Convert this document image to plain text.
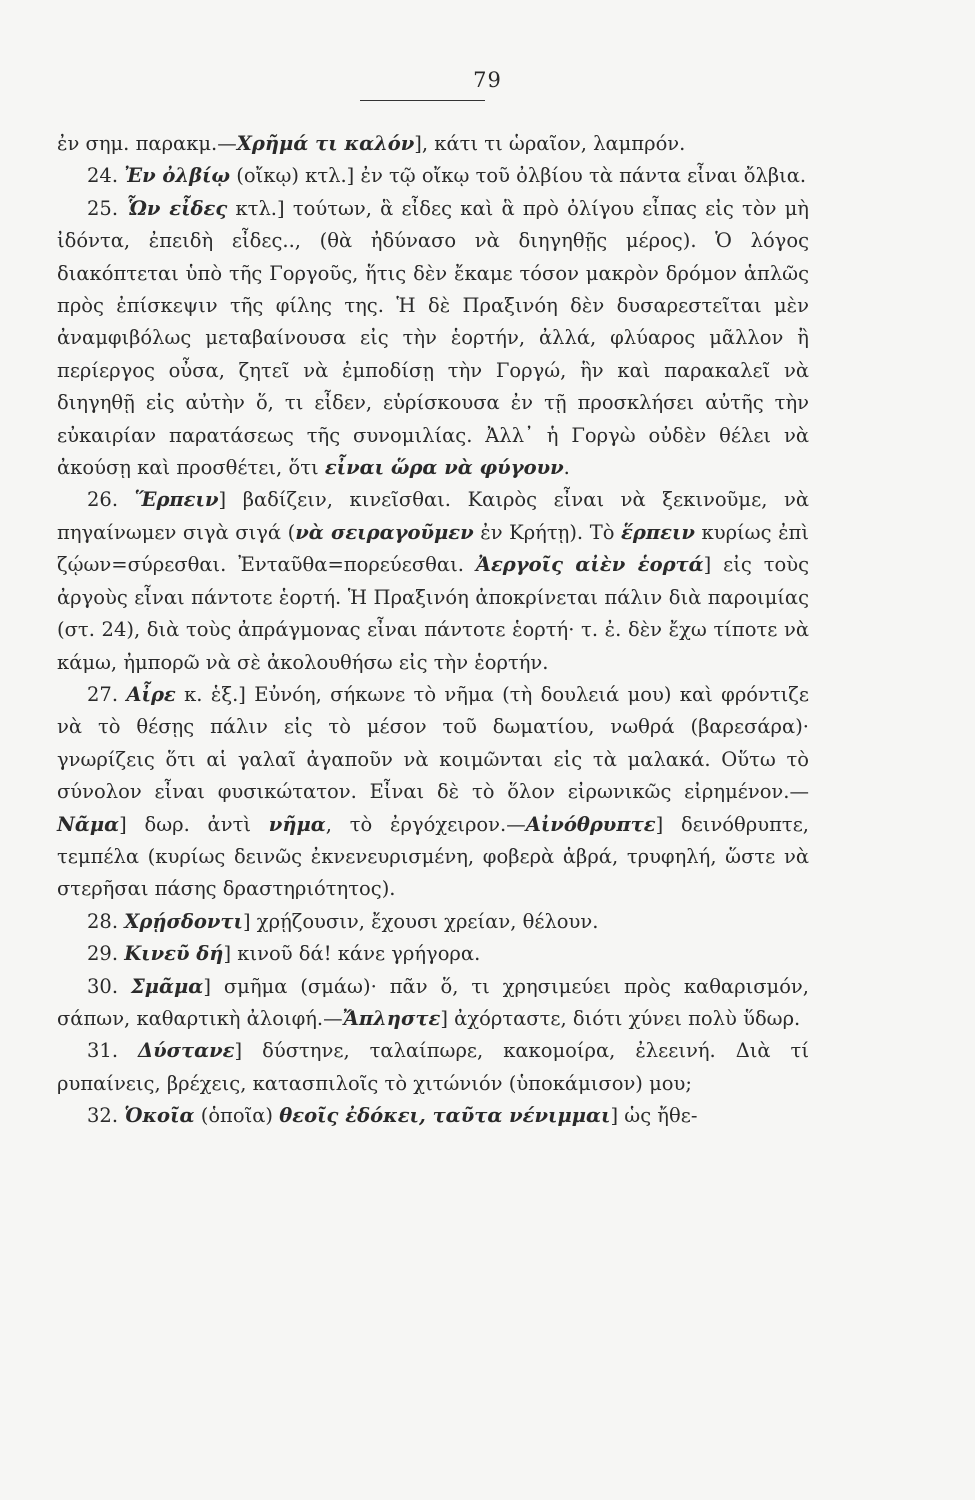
79

ἐν σημ. παρακμ.—Χρῆμά τι καλόν], κάτι τι ὡραῖον, λαμπρόν.

24. Ἐν ὀλβίῳ (οἴκῳ) κτλ.] ἐν τῷ οἴκῳ τοῦ ὀλβίου τὰ πάντα εἶναι ὄλβια.

25. Ὧν εἶδες κτλ.] τούτων, ἃ εἶδες καὶ ἃ πρὸ ὀλίγου εἶπας εἰς τὸν μὴ ἰδόντα, ἐπειδὴ εἶδες.., (θὰ ἠδύνασο νὰ διηγηθῇς μέρος). Ὁ λόγος διακόπτεται ὑπὸ τῆς Γοργοῦς, ἥτις δὲν ἔκαμε τόσον μακρὸν δρόμον ἁπλῶς πρὸς ἐπίσκεψιν τῆς φίλης της. Ἡ δὲ Πραξινόη δὲν δυσαρεστεῖται μὲν ἀναμφιβόλως μεταβαίνουσα εἰς τὴν ἑορτήν, ἀλλά, φλύαρος μᾶλλον ἢ περίεργος οὖσα, ζητεῖ νὰ ἐμποδίσῃ τὴν Γοργώ, ἣν καὶ παρακαλεῖ νὰ διηγηθῇ εἰς αὐτὴν ὅ, τι εἶδεν, εὑρίσκουσα ἐν τῇ προσκλήσει αὐτῆς τὴν εὐκαιρίαν παρατάσεως τῆς συνομιλίας. Ἀλλ᾽ ἡ Γοργὼ οὐδὲν θέλει νὰ ἀκούσῃ καὶ προσθέτει, ὅτι εἶναι ὥρα νὰ φύγουν.

26. Ἕρπειν] βαδίζειν, κινεῖσθαι. Καιρὸς εἶναι νὰ ξεκινοῦμε, νὰ πηγαίνωμεν σιγὰ σιγά (νὰ σειραγοῦμεν ἐν Κρήτῃ). Τὸ ἕρπειν κυρίως ἐπὶ ζῴων=σύρεσθαι. Ἐνταῦθα=πορεύεσθαι. Ἀεργοῖς αἰὲν ἑορτά] εἰς τοὺς ἀργοὺς εἶναι πάντοτε ἑορτή. Ἡ Πραξινόη ἀποκρίνεται πάλιν διὰ παροιμίας (στ. 24), διὰ τοὺς ἀπράγμονας εἶναι πάντοτε ἑορτή· τ. ἐ. δὲν ἔχω τίποτε νὰ κάμω, ἠμπορῶ νὰ σὲ ἀκολουθήσω εἰς τὴν ἑορτήν.

27. Αἶρε κ. ἑξ.] Εὐνόη, σήκωνε τὸ νῆμα (τὴ δουλειά μου) καὶ φρόντιζε νὰ τὸ θέσῃς πάλιν εἰς τὸ μέσον τοῦ δωματίου, νωθρά (βαρεσάρα)· γνωρίζεις ὅτι αἱ γαλαῖ ἀγαποῦν νὰ κοιμῶνται εἰς τὰ μαλακά. Οὕτω τὸ σύνολον εἶναι φυσικώτατον. Εἶναι δὲ τὸ ὅλον εἰρωνικῶς εἰρημένον.—Νᾶμα] δωρ. ἀντὶ νῆμα, τὸ ἐργόχειρον.—Αἰνόθρυπτε] δεινόθρυπτε, τεμπέλα (κυρίως δεινῶς ἐκνενευρισμένη, φοβερὰ ἁβρά, τρυφηλή, ὥστε νὰ στερῆσαι πάσης δραστηριότητος).

28. Χρῄσδοντι] χρῄζουσιν, ἔχουσι χρείαν, θέλουν.

29. Κινεῦ δή] κινοῦ δά! κάνε γρήγορα.

30. Σμᾶμα] σμῆμα (σμάω)· πᾶν ὅ, τι χρησιμεύει πρὸς καθαρισμόν, σάπων, καθαρτικὴ ἀλοιφή.—Ἄπληστε] ἀχόρταστε, διότι χύνει πολὺ ὕδωρ.

31. Δύστανε] δύστηνε, ταλαίπωρε, κακομοίρα, ἐλεεινή. Διὰ τί ρυπαίνεις, βρέχεις, κατασπιλοῖς τὸ χιτώνιόν (ὑποκάμισον) μου;

32. Ὁκοῖα (ὁποῖα) θεοῖς ἐδόκει, ταῦτα νένιμμαι] ὡς ἤθε-
